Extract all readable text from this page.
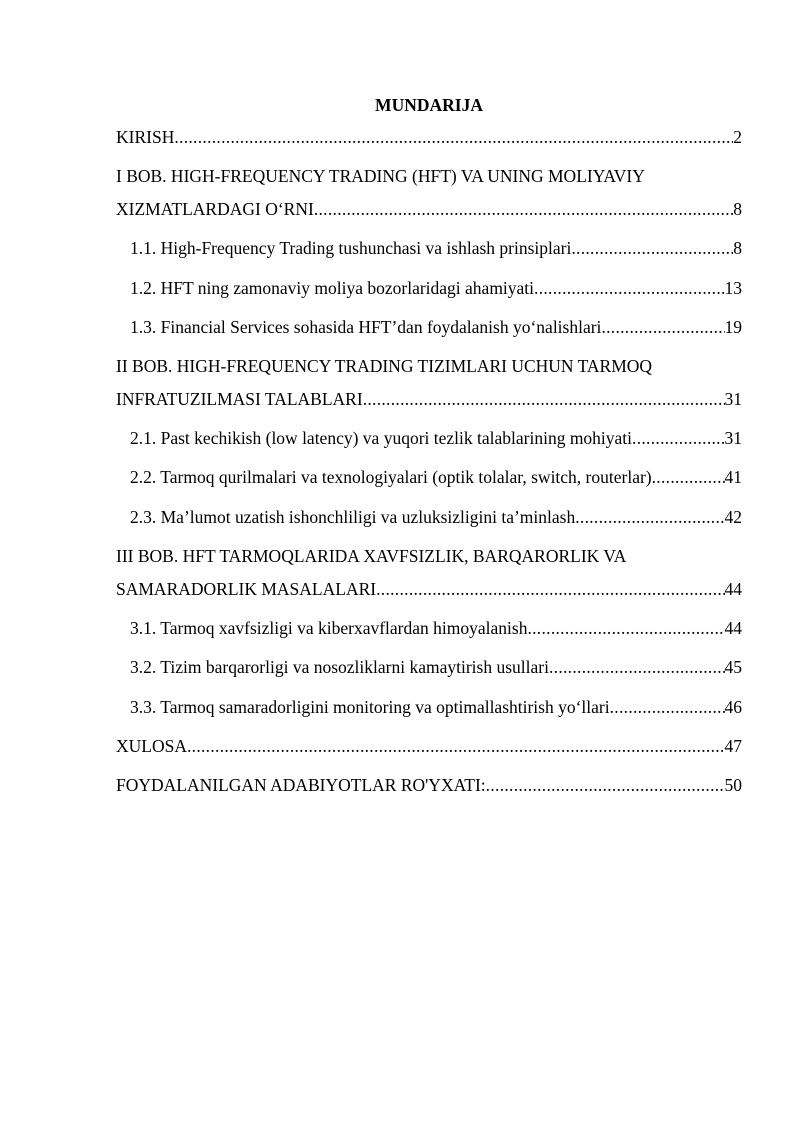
MUNDARIJA
KIRISH .....	2
I BOB. HIGH-FREQUENCY TRADING (HFT) VA UNING MOLIYAVIY
XIZMATLARDAGI O‘RNI .....	8
1.1. High-Frequency Trading tushunchasi va ishlash prinsiplari .....	8
1.2. HFT ning zamonaviy moliya bozorlaridagi ahamiyati .....	13
1.3. Financial Services sohasida HFT’dan foydalanish yo‘nalishlari .....	19
II BOB. HIGH-FREQUENCY TRADING TIZIMLARI UCHUN TARMOQ
INFRATUZILMASI TALABLARI .....	31
2.1. Past kechikish (low latency) va yuqori tezlik talablarining mohiyati .....	31
2.2. Tarmoq qurilmalari va texnologiyalari (optik tolalar, switch, routerlar) .....	41
2.3. Ma’lumot uzatish ishonchliligi va uzluksizligini ta’minlash .....	42
III BOB. HFT TARMOQLARIDA XAVFSIZLIK, BARQARORLIK VA
SAMARADORLIK MASALALARI .....	44
3.1. Tarmoq xavfsizligi va kiberxavflardan himoyalanish .....	44
3.2. Tizim barqarorligi va nosozliklarni kamaytirish usullari .....	45
3.3. Tarmoq samaradorligini monitoring va optimallashtirish yo‘llari .....	46
XULOSA .....	47
FOYDALANILGAN ADABIYOTLAR RO'YXATI: .....	50
